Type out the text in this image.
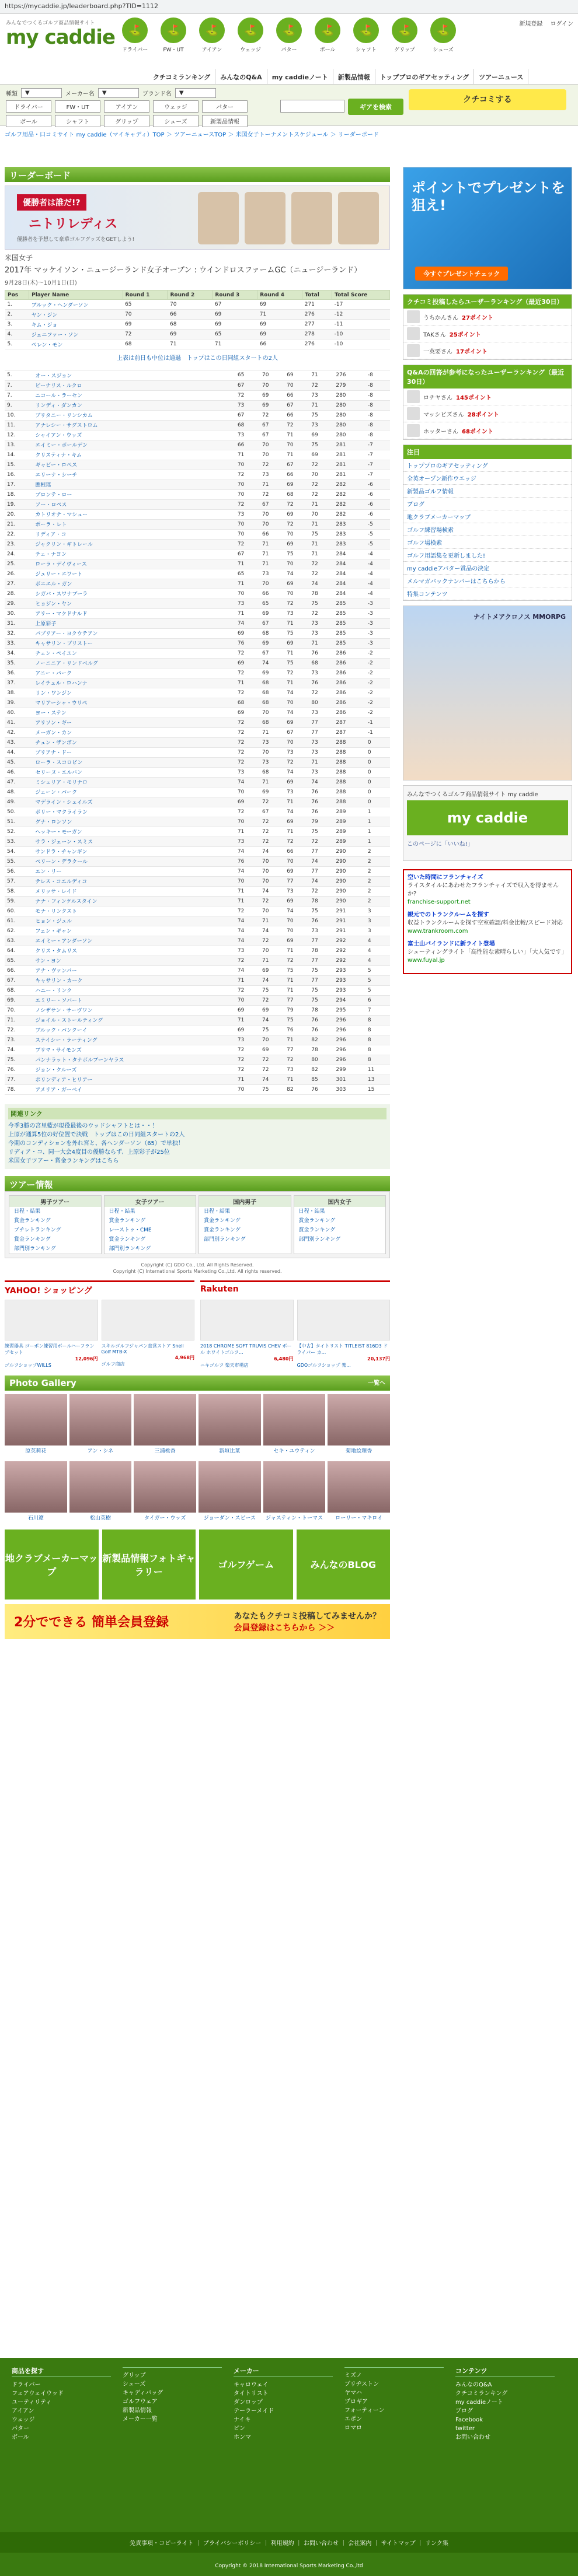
https://mycaddie.jp/leaderboard.php?TID=1112
みんなでつくるゴルフ商品情報サイト
my caddie	⛳
ドライバー
⛳
FW・UT
⛳
アイアン
⛳
ウェッジ
⛳
パター
⛳
ボール
⛳
シャフト
⛳
グリップ
⛳
シューズ
新規登録 ログイン
クチコミランキング	みんなのQ&A	my caddieノート	新製品情報	トッププロのギアセッティング	ツアーニュース
種類	▼	メーカー名	▼	ブランド名	▼
ドライバー	FW・UT	アイアン	ウェッジ	パター
ボール	シャフト	グリップ	シューズ	新製品情報
ギアを検索
クチコミする
ゴルフ用品・口コミサイト my caddie（マイキャディ）TOP ＞ ツアーニュースTOP ＞ 米国女子トーナメントスケジュール ＞ リーダーボード
リーダーボード
優勝者は誰だ!?
ニトリレディス
優勝者を予想して豪華ゴルフグッズをGETしよう!
米国女子
2017年 マッケイソン・ニュージーランド女子オープン : ウインドロスファームGC（ニュージーランド）
9月28日(木)～10月1日(日)
Pos	Player Name	Round 1	Round 2	Round 3	Round 4	Total	Total Score
1.	ブルック・ヘンダーソン	65	70	67	69	271	-17
2.	ヤン・ジン	70	66	69	71	276	-12
3.	キム・ジョ	69	68	69	69	277	-11
4.	ジェニファー・ソン	72	69	65	69	278	-10
5.	ペレン・モン	68	71	71	66	276	-10
上表は前日も中位は通過　トップはこの日同組スタートの2人
5.	オー・スジョン	65	70	69	71	276	-8
7.	ピーナリス・ルクロ	67	70	70	72	279	-8
7.	ニコール・ラーセン	72	69	66	73	280	-8
9.	リンディ・ダンカン	73	69	67	71	280	-8
10.	ブリタニー・リンシカム	67	72	66	75	280	-8
11.	アナレシー・サグストロム	68	67	72	73	280	-8
12.	シャイアン・ウッズ	73	67	71	69	280	-8
13.	エイミー・ボールデン	66	70	70	75	281	-7
14.	クリスティナ・キム	71	70	71	69	281	-7
15.	ギャビー・ロペス	70	72	67	72	281	-7
16.	エリーナ・シーチ	72	73	66	70	281	-7
17.	應根瑶	70	71	69	72	282	-6
18.	ブロンテ・ロー	70	72	68	72	282	-6
19.	ソー・ロペス	72	67	72	71	282	-6
20.	カトリオナ・マシュー	73	70	69	70	282	-6
21.	ポーラ・レト	70	70	72	71	283	-5
22.	リディア・コ	70	66	70	75	283	-5
23.	ジャクリン・ギトレール	72	71	69	71	283	-5
24.	チェ・ナヨン	67	71	75	71	284	-4
25.	ローラ・デイヴィース	71	71	70	72	284	-4
26.	ジュリー・エワート	65	73	74	72	284	-4
27.	ボニエル・ガン	71	70	69	74	284	-4
28.	シガバ・スワナプーラ	70	66	70	78	284	-4
29.	ヒョジン・ヤン	73	65	72	75	285	-3
30.	アリー・マクドナルド	71	69	73	72	285	-3
31.	上原彩子	74	67	71	73	285	-3
32.	パブリアー・ヨクウテアン	69	68	75	73	285	-3
33.	キャサリン・ブリストー	76	69	69	71	285	-3
34.	チェン・ペイユン	72	67	71	76	286	-2
35.	ノーニニア・リンドベルグ	69	74	75	68	286	-2
36.	アニー・パーク	72	69	72	73	286	-2
37.	レイチェル・ロハンナ	71	68	71	76	286	-2
38.	リン・ワンジン	72	68	74	72	286	-2
39.	マリアーシャ・ウリペ	68	68	70	80	286	-2
40.	ヨー・ステン	69	70	74	73	286	-2
41.	アリソン・ギー	72	68	69	77	287	-1
42.	メーガン・カン	72	71	67	77	287	-1
43.	チュン・ザンボン	72	73	70	73	288	0
44.	ブリアナ・ドー	72	70	73	73	288	0
45.	ローラ・スコロビン	72	73	72	71	288	0
46.	セリーヌ・エルバン	73	68	74	73	288	0
47.	ミシェリア・モリナロ	74	71	69	74	288	0
48.	ジェーン・パーク	70	69	73	76	288	0
49.	マデライン・シェイルズ	69	72	71	76	288	0
50.	ポリー・マクライラン	72	67	74	76	289	1
51.	グナ・ロンソン	70	72	69	79	289	1
52.	ヘッキー・モーガン	71	72	71	75	289	1
53.	サラ・ジェーン・スミス	73	72	72	72	289	1
54.	サンドラ・チャンギン	74	74	66	77	290	2
55.	ペリーン・デラクール	76	70	70	74	290	2
56.	エン・リー	74	70	69	77	290	2
57.	テレス・コエルディコ	70	70	77	74	290	2
58.	メリッサ・レイド	71	74	73	72	290	2
59.	ナナ・フィンケルスタイン	71	72	69	78	290	2
60.	モナ・リンクスト	72	70	74	75	291	3
61.	ヒョン・ジュル	74	71	70	76	291	3
62.	フェン・ギャン	74	74	70	73	291	3
63.	エイミー・アンダーソン	74	72	69	77	292	4
64.	クリス・タムリス	73	70	71	78	292	4
65.	サン・ヨン	72	71	72	77	292	4
66.	アナ・ヴァンパー	74	69	75	75	293	5
67.	キャサリン・カーク	71	74	71	77	293	5
68.	ハニー・リンク	72	75	71	75	293	5
69.	エミリー・ソバート	70	72	77	75	294	6
70.	ノシザサン・サーヴワン	69	69	79	78	295	7
71.	ジョイル・ストールティング	71	74	75	76	296	8
72.	ブルック・パンクーイ	69	75	76	76	296	8
73.	ステイシー・ラーティング	73	70	71	82	296	8
74.	ブリマ・サイモンズ	72	69	77	78	296	8
75.	パンナラット・タナポルブーンヤラス	72	72	72	80	296	8
76.	ジョン・クルーズ	72	72	73	82	299	11
77.	ポリンディア・ヒリアー	71	74	71	85	301	13
78.	アメリア・ガーベイ	70	75	82	76	303	15
関連リンク
今季3勝の宮里藍が現役最後のウッドシャフトとは・・！
上原が通算5位の好位置で決戦　トップはこの日同組スタートの2人
今期のコンディションを外れ宮と、各ヘンダーソン（65）で単独！
リディア・コ、同一大会4度目の優勝ならず、上原彩子が25位
米国女子ツアー・賞金ランキングはこちら
ツアー情報
男子ツアー
日程・結果
賞金ランキング
ブチレトランキング
賞金ランキング
部門別ランキング
女子ツアー
日程・結果
賞金ランキング
レーストゥ・CME
賞金ランキング
部門別ランキング
国内男子
日程・結果
賞金ランキング
賞金ランキング
部門別ランキング
国内女子
日程・結果
賞金ランキング
賞金ランキング
部門別ランキング
Copyright (C) GDO Co., Ltd. All Rights Reserved.
Copyright (C) International Sports Marketing Co.,Ltd. All rights reserved.
YAHOO! ショッピング
練習器具 ゴーポン練習用ボールハーフランプセット
12,096円
ゴルフショップWILLS
スキルゴルフジャパン直営ストア Snell Golf MTB-X
4,968円
ゴルフ商店
Rakuten
2018 CHROME SOFT TRUVIS CHEV ボール ホワイトゴルフ...
6,480円
ニキゴルフ 楽天市場店
【中古】タイトリスト TITLEIST 816D3 ドライバー カ...
20,137円
GDOゴルフショップ 楽...
Photo Gallery	一覧へ
原英莉花	アン・シネ	三浦桃香	新垣比菜	セキ・ユウティン	菊地絵理香
石川遼	松山英樹	タイガー・ウッズ	ジョーダン・スピース	ジャスティン・トーマス	ローリー・マキロイ
地クラブメーカーマップ
新製品情報フォトギャラリー
ゴルフゲーム	みんなのBLOG
2分でできる 簡単会員登録	あなたもクチコミ投稿してみませんか？
会員登録はこちらから ＞＞
ポイントでプレゼントを狙え!
今すぐプレゼントチェック
クチコミ投稿したらユーザーランキング（最近30日）
うちかんさん 27ポイント
TAKさん 25ポイント
一英要さん 17ポイント
Q&Aの回答が参考になったユーザーランキング（最近30日）
ロチヤさん 145ポイント
マッシビズさん 28ポイント
ホッターさん 68ポイント
注目
トッププロのギアセッティング
全英オープン新作ウエッジ
新製品ゴルフ情報
ブログ
地クラブメーカーマップ
ゴルフ練習場検索
ゴルフ場検索
ゴルフ用語集を更新しました!
my caddieアバター賞品の決定
メルマガバックナンバーはこちらから
特集コンテンツ
ナイトメアクロノス MMORPG
みんなでつくるゴルフ商品情報サイト my caddie
my caddie
このページに「いいね!」
空いた時間にフランチャイズ
ライスタイルにあわせたフランチャイズで収入を得ませんか?
franchise-support.net
親元でのトランクルームを探す
収益トランクルームを探す空室確認/料金比較/スピード対応
www.trankroom.com
富士山パイランドに新ライト登場
シューティングライト「高性能な素晴らしい」「大人気です」
www.fuyal.jp
商品を探す
ドライバー
フェアウェイウッド
ユーティリティ
アイアン
ウェッジ
パター
ボール
グリップ
シューズ
キャディバッグ
ゴルフウェア
新製品情報
メーカー一覧
メーカー
キャロウェイ
タイトリスト
ダンロップ
テーラーメイド
ナイキ
ピン
ホンマ
ミズノ
ブリヂストン
ヤマハ
プロギア
フォーティーン
エポン
ロマロ
コンテンツ
みんなのQ&A
クチコミランキング
my caddieノート
ブログ
Facebook
twitter
お問い合わせ
免責事項・コピーライト ｜ プライバシーポリシー ｜ 利用規約 ｜ お問い合わせ ｜ 会社案内 ｜ サイトマップ ｜ リンク集
Copyright © 2018 International Sports Marketing Co.,ltd
